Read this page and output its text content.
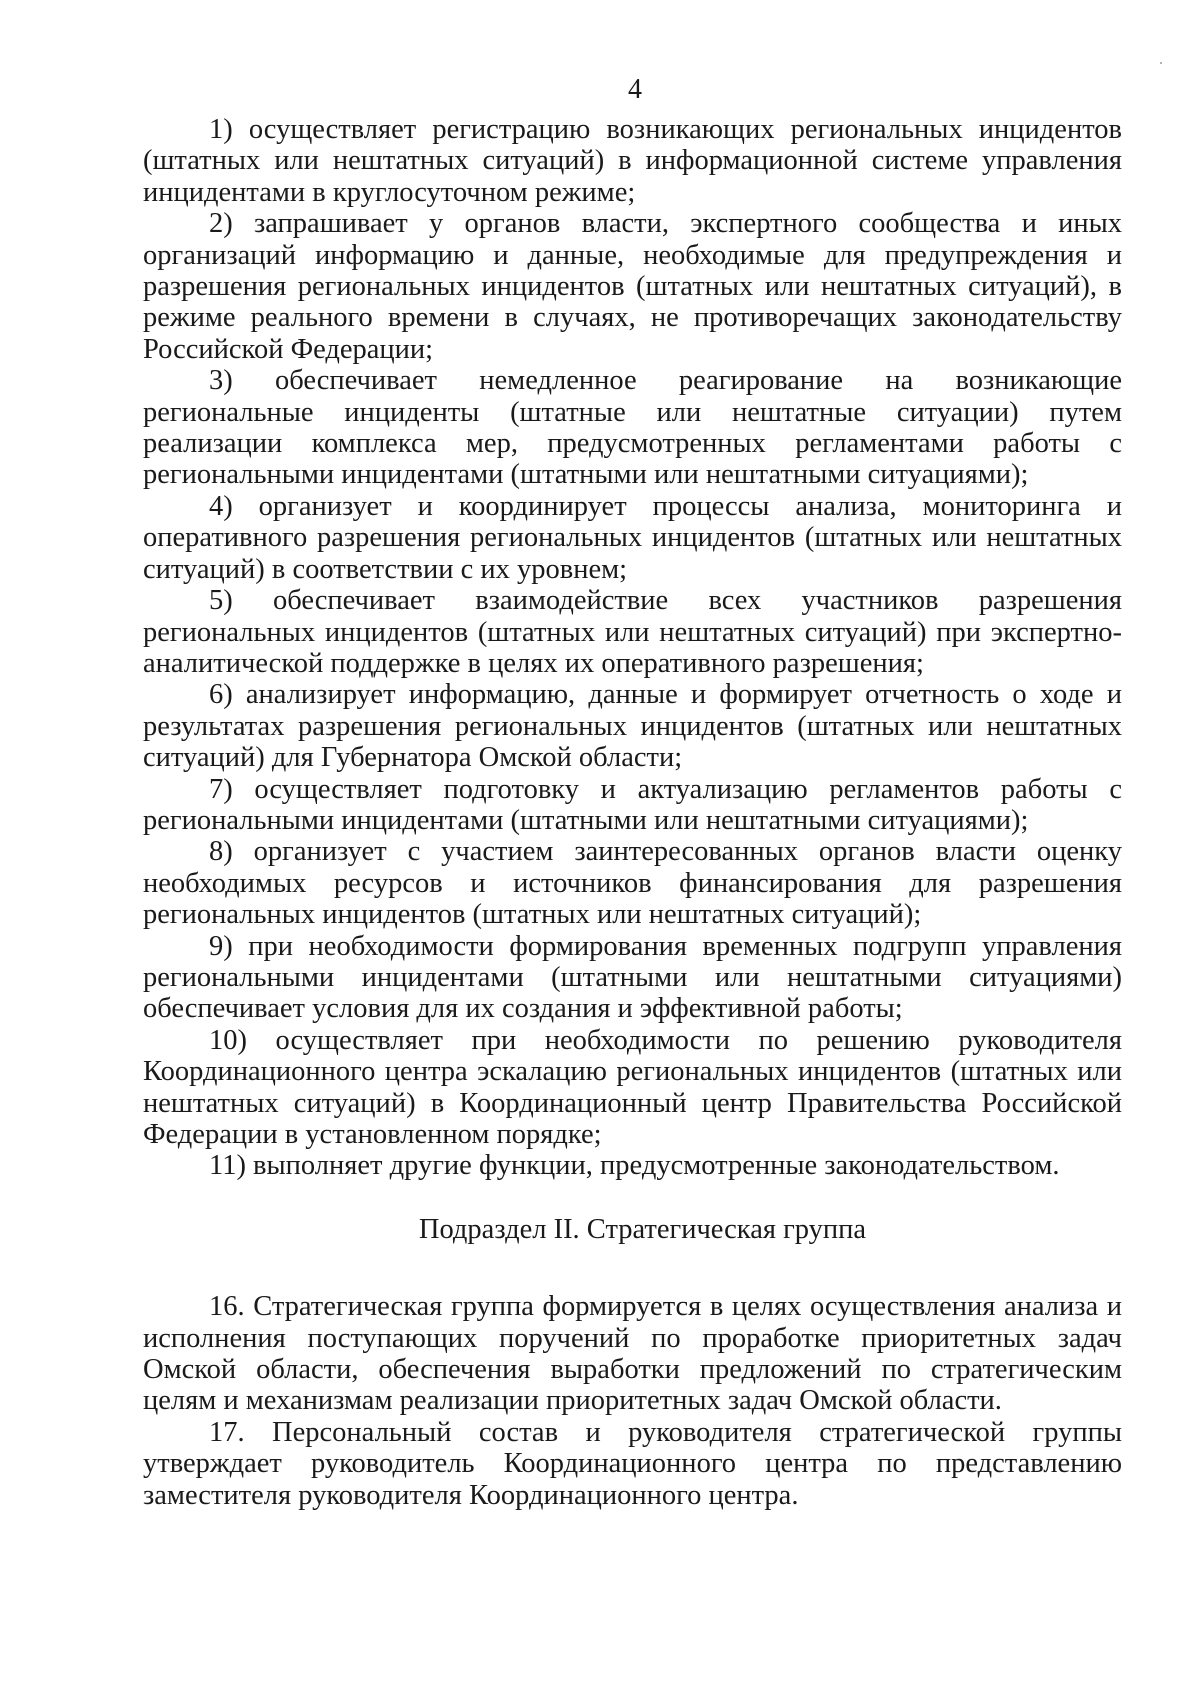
4

1) осуществляет регистрацию возникающих региональных инцидентов (штатных или нештатных ситуаций) в информационной системе управления инцидентами в круглосуточном режиме;

2) запрашивает у органов власти, экспертного сообщества и иных организаций информацию и данные, необходимые для предупреждения и разрешения региональных инцидентов (штатных или нештатных ситуаций), в режиме реального времени в случаях, не противоречащих законодательству Российской Федерации;

3) обеспечивает немедленное реагирование на возникающие региональные инциденты (штатные или нештатные ситуации) путем реализации комплекса мер, предусмотренных регламентами работы с региональными инцидентами (штатными или нештатными ситуациями);

4) организует и координирует процессы анализа, мониторинга и оперативного разрешения региональных инцидентов (штатных или нештатных ситуаций) в соответствии с их уровнем;

5) обеспечивает взаимодействие всех участников разрешения региональных инцидентов (штатных или нештатных ситуаций) при экспертно-аналитической поддержке в целях их оперативного разрешения;

6) анализирует информацию, данные и формирует отчетность о ходе и результатах разрешения региональных инцидентов (штатных или нештатных ситуаций) для Губернатора Омской области;

7) осуществляет подготовку и актуализацию регламентов работы с региональными инцидентами (штатными или нештатными ситуациями);

8) организует с участием заинтересованных органов власти оценку необходимых ресурсов и источников финансирования для разрешения региональных инцидентов (штатных или нештатных ситуаций);

9) при необходимости формирования временных подгрупп управления региональными инцидентами (штатными или нештатными ситуациями) обеспечивает условия для их создания и эффективной работы;

10) осуществляет при необходимости по решению руководителя Координационного центра эскалацию региональных инцидентов (штатных или нештатных ситуаций) в Координационный центр Правительства Российской Федерации в установленном порядке;

11) выполняет другие функции, предусмотренные законодательством.

Подраздел II. Стратегическая группа

16. Стратегическая группа формируется в целях осуществления анализа и исполнения поступающих поручений по проработке приоритетных задач Омской области, обеспечения выработки предложений по стратегическим целям и механизмам реализации приоритетных задач Омской области.

17. Персональный состав и руководителя стратегической группы утверждает руководитель Координационного центра по представлению заместителя руководителя Координационного центра.
